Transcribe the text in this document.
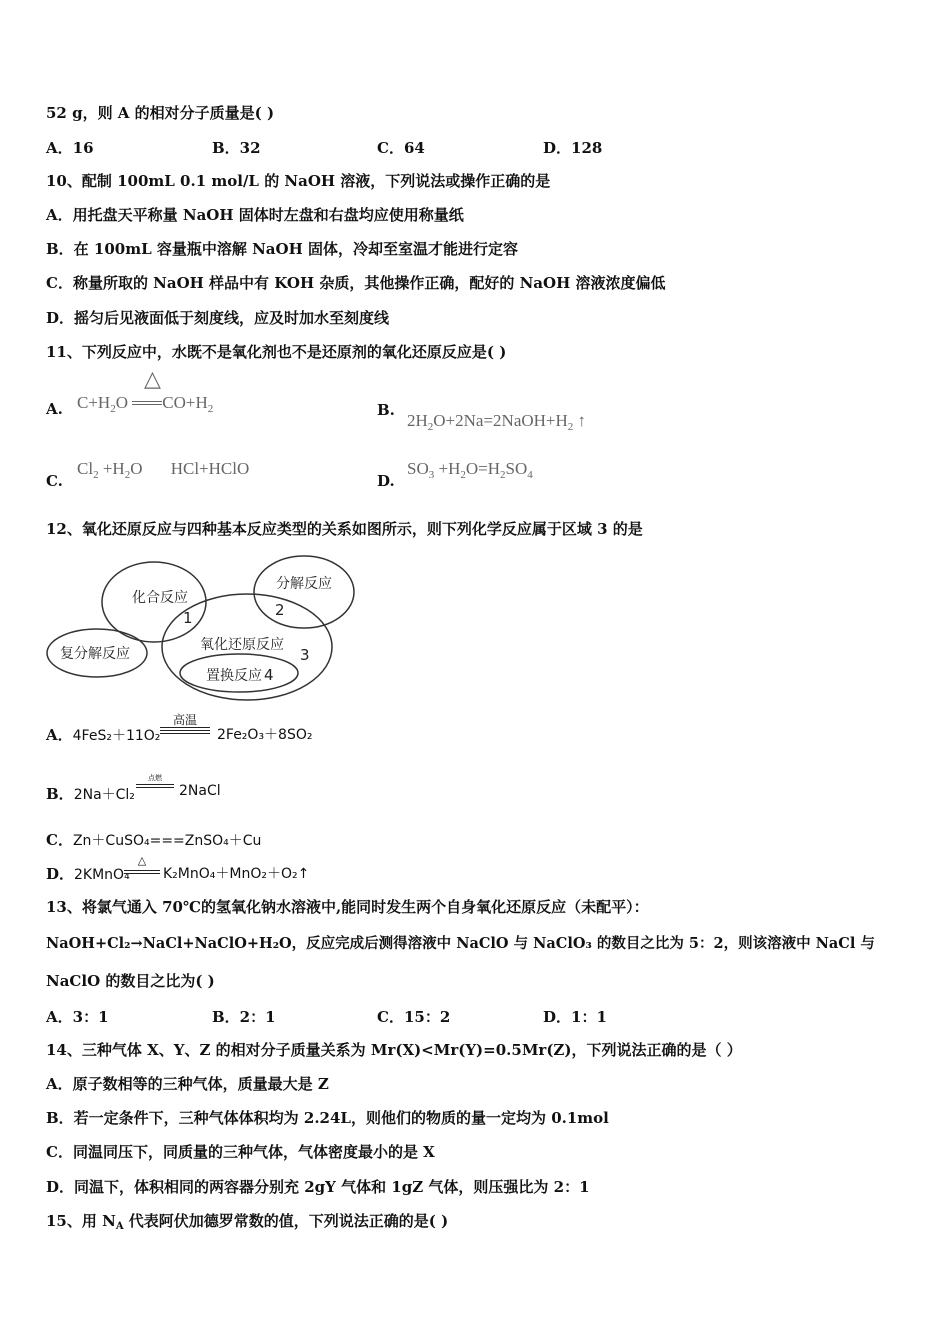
52 g，则 A 的相对分子质量是( )
A．16	B．32	C．64	D．128
10、配制 100mL 0.1 mol/L 的 NaOH 溶液，下列说法或操作正确的是
A．用托盘天平称量 NaOH 固体时左盘和右盘均应使用称量纸
B．在 100mL 容量瓶中溶解 NaOH 固体，冷却至室温才能进行定容
C．称量所取的 NaOH 样品中有 KOH 杂质，其他操作正确，配好的 NaOH 溶液浓度偏低
D．摇匀后见液面低于刻度线，应及时加水至刻度线
11、下列反应中，水既不是氧化剂也不是还原剂的氧化还原反应是( )
A. $C+H_2O$ $CO+H_2$
△
B.
$2H_2O+2Na=2NaOH+H_2$ ↑
C.
$Cl_2 +H_2O$ HCl+HClO
D.
$SO_3 +H_2O=H_2SO_4$
12、氧化还原反应与四种基本反应类型的关系如图所示，则下列化学反应属于区域 3 的是
化合反应
分解反应
复分解反应
氧化还原反应
置换反应
1	2
3
4
A．4FeS₂＋11O₂
高温
2Fe₂O₃＋8SO₂
B．2Na＋Cl₂
点燃
2NaCl
C．Zn＋CuSO₄===ZnSO₄＋Cu
D．2KMnO₄
△
K₂MnO₄＋MnO₂＋O₂↑
13、将氯气通入 70℃的氢氧化钠水溶液中,能同时发生两个自身氧化还原反应（未配平）：
NaOH+Cl₂→NaCl+NaClO+H₂O，反应完成后测得溶液中 NaClO 与 NaClO₃ 的数目之比为 5：2，则该溶液中 NaCl 与
NaClO 的数目之比为( )
A．3：1	B．2：1	C．15：2	D．1：1
14、三种气体 X、Y、Z 的相对分子质量关系为 Mr(X)<Mr(Y)=0.5Mr(Z)，下列说法正确的是（ ）
A．原子数相等的三种气体，质量最大是 Z
B．若一定条件下，三种气体体积均为 2.24L，则他们的物质的量一定均为 0.1mol
C．同温同压下，同质量的三种气体，气体密度最小的是 X
D．同温下，体积相同的两容器分别充 2gY 气体和 1gZ 气体，则压强比为 2：1
15、用 $N_A$ 代表阿伏加德罗常数的值，下列说法正确的是( )
